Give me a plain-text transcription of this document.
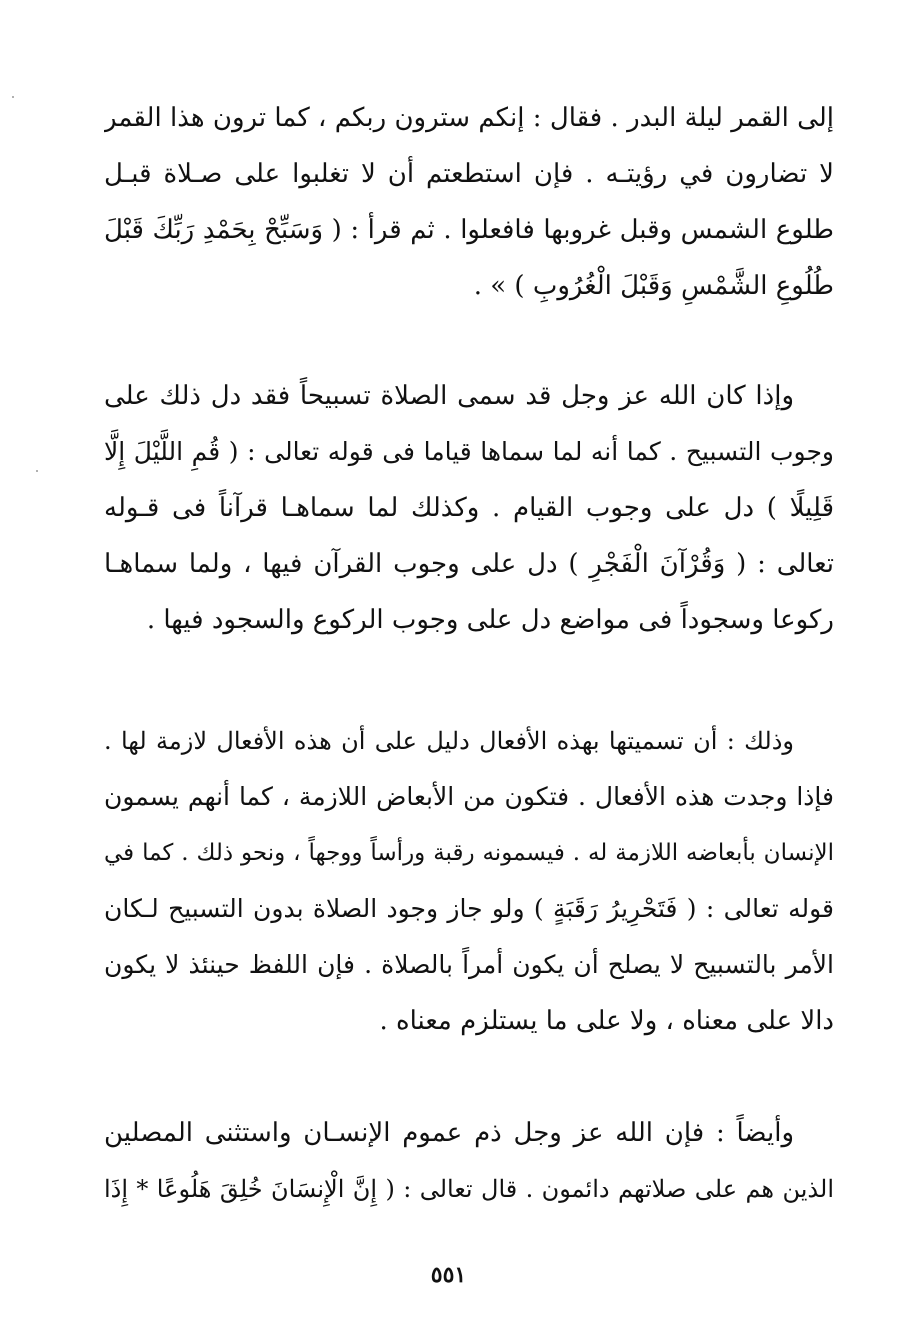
إلى القمر ليلة البدر . فقال : إنكم سترون ربكم ، كما ترون هذا القمر
لا تضارون في رؤيتـه . فإن استطعتم أن لا تغلبوا على صـلاة قبـل
طلوع الشمس وقبل غروبها فافعلوا . ثم قرأ : ( وَسَبِّحْ بِحَمْدِ رَبِّكَ قَبْلَ
طُلُوعِ الشَّمْسِ وَقَبْلَ الْغُرُوبِ ) » .
وإذا كان الله عز وجل قد سمى الصلاة تسبيحاً فقد دل ذلك على
وجوب التسبيح . كما أنه لما سماها قياما فى قوله تعالى : ( قُمِ اللَّيْلَ إِلَّا
قَلِيلًا ) دل على وجوب القيام . وكذلك لما سماهـا قرآناً فى قـوله
تعالى : ( وَقُرْآنَ الْفَجْرِ ) دل على وجوب القرآن فيها ، ولما سماهـا
ركوعا وسجوداً فى مواضع دل على وجوب الركوع والسجود فيها .
وذلك : أن تسميتها بهذه الأفعال دليل على أن هذه الأفعال لازمة لها .
فإذا وجدت هذه الأفعال . فتكون من الأبعاض اللازمة ، كما أنهم يسمون
الإنسان بأبعاضه اللازمة له . فيسمونه رقبة ورأساً ووجهاً ، ونحو ذلك . كما في
قوله تعالى : ( فَتَحْرِيرُ رَقَبَةٍ ) ولو جاز وجود الصلاة بدون التسبيح لـكان
الأمر بالتسبيح لا يصلح أن يكون أمراً بالصلاة . فإن اللفظ حينئذ لا يكون
دالا على معناه ، ولا على ما يستلزم معناه .
وأيضاً : فإن الله عز وجل ذم عموم الإنسـان واستثنى المصلين
الذين هم على صلاتهم دائمون . قال تعالى : ( إِنَّ الْإِنسَانَ خُلِقَ هَلُوعًا * إِذَا
٥٥١
